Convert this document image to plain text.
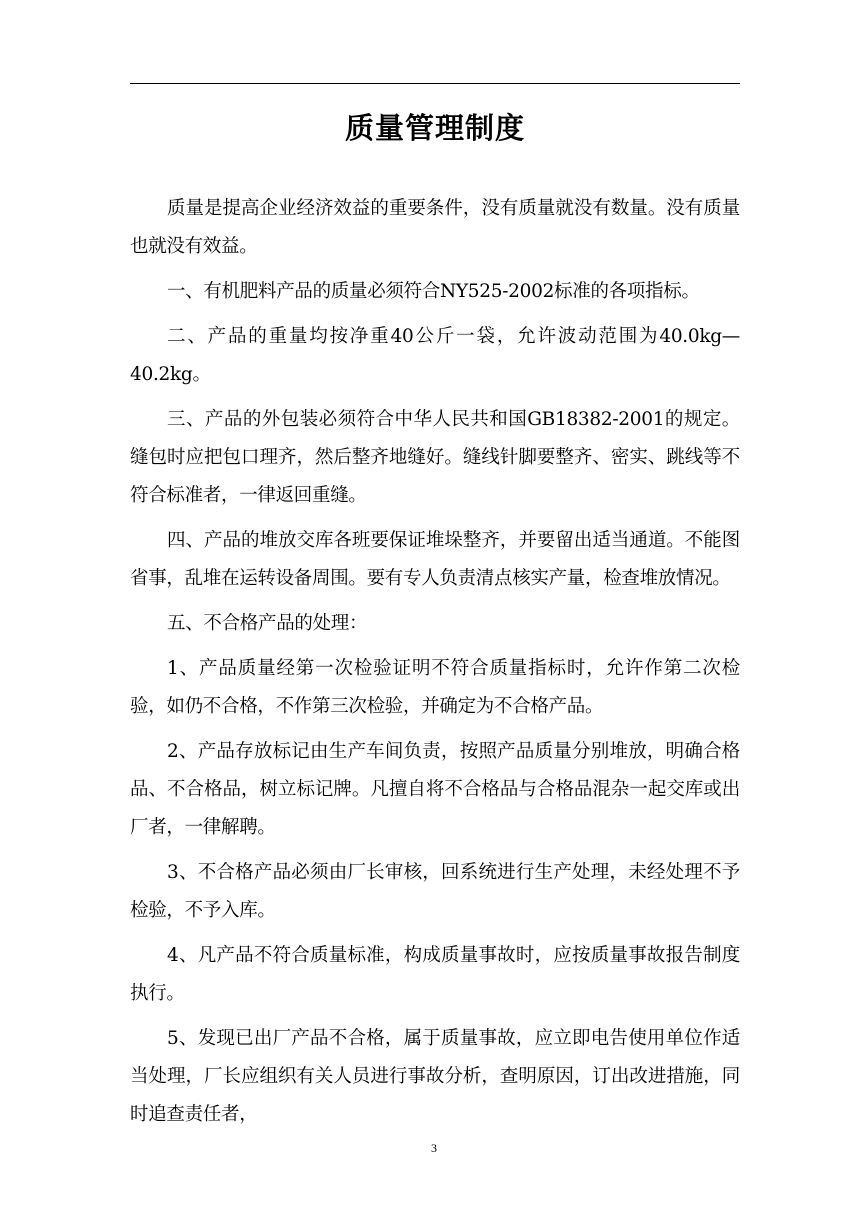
质量管理制度

质量是提高企业经济效益的重要条件，没有质量就没有数量。没有质量也就没有效益。

一、有机肥料产品的质量必须符合NY525-2002标准的各项指标。

二、产品的重量均按净重40公斤一袋，允许波动范围为40.0kg—40.2kg。

三、产品的外包装必须符合中华人民共和国GB18382-2001的规定。缝包时应把包口理齐，然后整齐地缝好。缝线针脚要整齐、密实、跳线等不符合标准者，一律返回重缝。

四、产品的堆放交库各班要保证堆垛整齐，并要留出适当通道。不能图省事，乱堆在运转设备周围。要有专人负责清点核实产量，检查堆放情况。

五、不合格产品的处理：

1、产品质量经第一次检验证明不符合质量指标时，允许作第二次检验，如仍不合格，不作第三次检验，并确定为不合格产品。

2、产品存放标记由生产车间负责，按照产品质量分别堆放，明确合格品、不合格品，树立标记牌。凡擅自将不合格品与合格品混杂一起交库或出厂者，一律解聘。

3、不合格产品必须由厂长审核，回系统进行生产处理，未经处理不予检验，不予入库。

4、凡产品不符合质量标准，构成质量事故时，应按质量事故报告制度执行。

5、发现已出厂产品不合格，属于质量事故，应立即电告使用单位作适当处理，厂长应组织有关人员进行事故分析，查明原因，订出改进措施，同时追查责任者，

3
